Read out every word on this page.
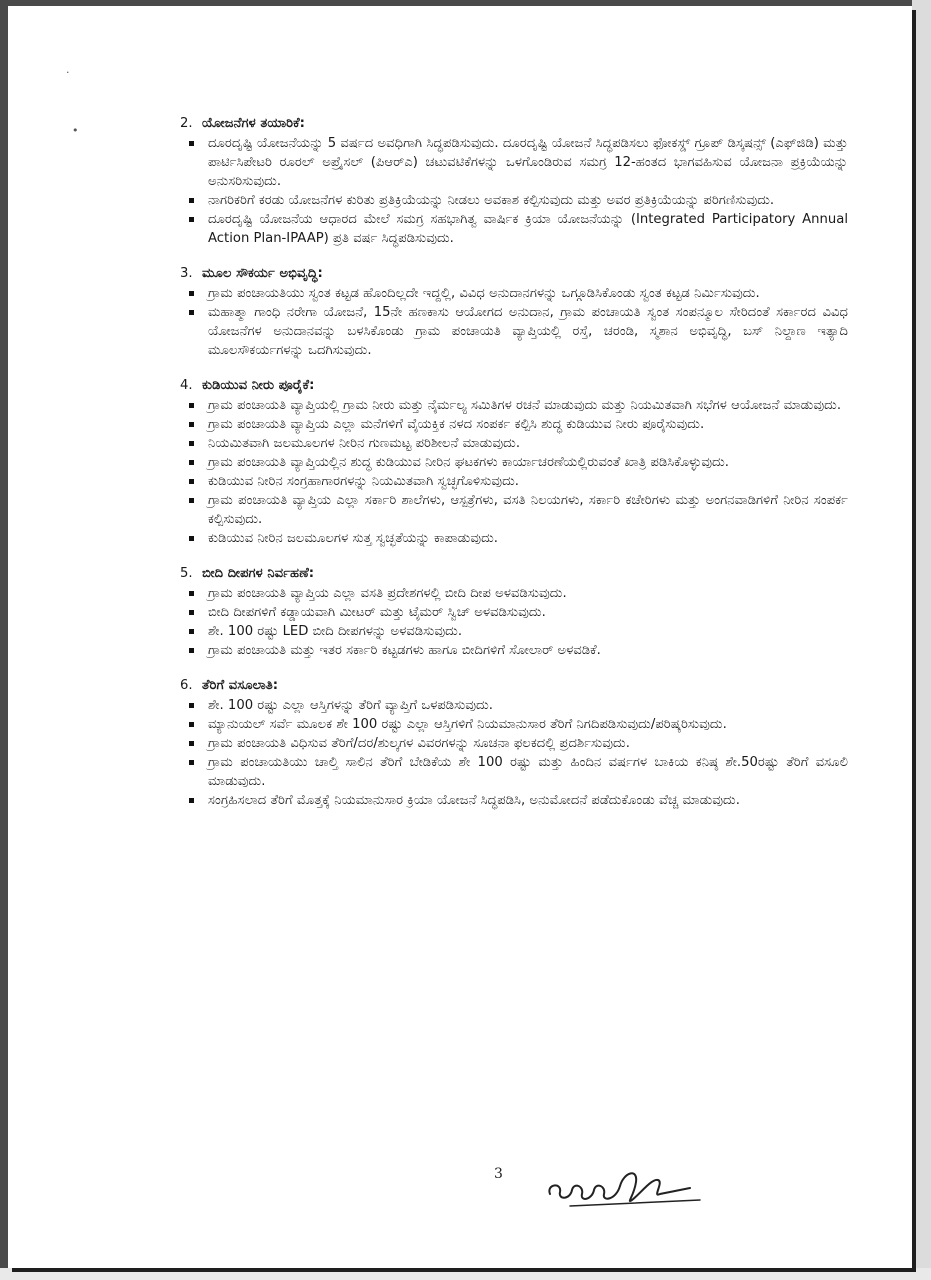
·
•	2. ಯೋಜನೆಗಳ ತಯಾರಿಕೆ:
ದೂರದೃಷ್ಟಿ ಯೋಜನೆಯನ್ನು 5 ವರ್ಷದ ಅವಧಿಗಾಗಿ ಸಿದ್ಧಪಡಿಸುವುದು. ದೂರದೃಷ್ಟಿ ಯೋಜನೆ ಸಿದ್ಧಪಡಿಸಲು ಫೋಕಸ್ಡ್ ಗ್ರೂಪ್ ಡಿಸ್ಕಷನ್ಸ್ (ಎಫ್‌ಜಿಡಿ) ಮತ್ತು ಪಾರ್ಟಿಸಿಪೇಟರಿ ರೂರಲ್ ಅಪ್ರೈಸಲ್ (ಪಿಆರ್‌ಎ) ಚಟುವಟಿಕೆಗಳನ್ನು ಒಳಗೊಂಡಿರುವ ಸಮಗ್ರ 12-ಹಂತದ ಭಾಗವಹಿಸುವ ಯೋಜನಾ ಪ್ರಕ್ರಿಯೆಯನ್ನು ಅನುಸರಿಸುವುದು.
ನಾಗರಿಕರಿಗೆ ಕರಡು ಯೋಜನೆಗಳ ಕುರಿತು ಪ್ರತಿಕ್ರಿಯೆಯನ್ನು ನೀಡಲು ಅವಕಾಶ ಕಲ್ಪಿಸುವುದು ಮತ್ತು ಅವರ ಪ್ರತಿಕ್ರಿಯೆಯನ್ನು ಪರಿಗಣಿಸುವುದು.
ದೂರದೃಷ್ಟಿ ಯೋಜನೆಯ ಆಧಾರದ ಮೇಲೆ ಸಮಗ್ರ ಸಹಭಾಗಿತ್ವ ವಾರ್ಷಿಕ ಕ್ರಿಯಾ ಯೋಜನೆಯನ್ನು (Integrated Participatory Annual Action Plan-IPAAP) ಪ್ರತಿ ವರ್ಷ ಸಿದ್ಧಪಡಿಸುವುದು.
3. ಮೂಲ ಸೌಕರ್ಯ ಅಭಿವೃದ್ಧಿ:
ಗ್ರಾಮ ಪಂಚಾಯತಿಯು ಸ್ವಂತ ಕಟ್ಟಡ ಹೊಂದಿಲ್ಲದೇ ಇದ್ದಲ್ಲಿ, ವಿವಿಧ ಅನುದಾನಗಳನ್ನು ಒಗ್ಗೂಡಿಸಿಕೊಂಡು ಸ್ವಂತ ಕಟ್ಟಡ ನಿರ್ಮಿಸುವುದು.
ಮಹಾತ್ಮಾ ಗಾಂಧಿ ನರೇಗಾ ಯೋಜನೆ, 15ನೇ ಹಣಕಾಸು ಆಯೋಗದ ಅನುದಾನ, ಗ್ರಾಮ ಪಂಚಾಯತಿ ಸ್ವಂತ ಸಂಪನ್ಮೂಲ ಸೇರಿದಂತೆ ಸರ್ಕಾರದ ವಿವಿಧ ಯೋಜನೆಗಳ ಅನುದಾನವನ್ನು ಬಳಸಿಕೊಂಡು ಗ್ರಾಮ ಪಂಚಾಯತಿ ವ್ಯಾಪ್ತಿಯಲ್ಲಿ ರಸ್ತೆ, ಚರಂಡಿ, ಸ್ಮಶಾನ ಅಭಿವೃದ್ಧಿ, ಬಸ್ ನಿಲ್ದಾಣ ಇತ್ಯಾದಿ ಮೂಲಸೌಕರ್ಯಗಳನ್ನು ಒದಗಿಸುವುದು.
4. ಕುಡಿಯುವ ನೀರು ಪೂರೈಕೆ:
ಗ್ರಾಮ ಪಂಚಾಯತಿ ವ್ಯಾಪ್ತಿಯಲ್ಲಿ ಗ್ರಾಮ ನೀರು ಮತ್ತು ನೈರ್ಮಲ್ಯ ಸಮಿತಿಗಳ ರಚನೆ ಮಾಡುವುದು ಮತ್ತು ನಿಯಮಿತವಾಗಿ ಸಭೆಗಳ ಆಯೋಜನೆ ಮಾಡುವುದು.
ಗ್ರಾಮ ಪಂಚಾಯತಿ ವ್ಯಾಪ್ತಿಯ ಎಲ್ಲಾ ಮನೆಗಳಿಗೆ ವೈಯಕ್ತಿಕ ನಳದ ಸಂಪರ್ಕ ಕಲ್ಪಿಸಿ ಶುದ್ಧ ಕುಡಿಯುವ ನೀರು ಪೂರೈಸುವುದು.
ನಿಯಮಿತವಾಗಿ ಜಲಮೂಲಗಳ ನೀರಿನ ಗುಣಮಟ್ಟ ಪರಿಶೀಲನೆ ಮಾಡುವುದು.
ಗ್ರಾಮ ಪಂಚಾಯತಿ ವ್ಯಾಪ್ತಿಯಲ್ಲಿನ ಶುದ್ಧ ಕುಡಿಯುವ ನೀರಿನ ಘಟಕಗಳು ಕಾರ್ಯಾಚರಣೆಯಲ್ಲಿರುವಂತೆ ಖಾತ್ರಿ ಪಡಿಸಿಕೊಳ್ಳುವುದು.
ಕುಡಿಯುವ ನೀರಿನ ಸಂಗ್ರಹಾಗಾರಗಳನ್ನು ನಿಯಮಿತವಾಗಿ ಸ್ವಚ್ಛಗೊಳಿಸುವುದು.
ಗ್ರಾಮ ಪಂಚಾಯತಿ ವ್ಯಾಪ್ತಿಯ ಎಲ್ಲಾ ಸರ್ಕಾರಿ ಶಾಲೆಗಳು, ಆಸ್ಪತ್ರೆಗಳು, ವಸತಿ ನಿಲಯಗಳು, ಸರ್ಕಾರಿ ಕಚೇರಿಗಳು ಮತ್ತು ಅಂಗನವಾಡಿಗಳಿಗೆ ನೀರಿನ ಸಂಪರ್ಕ ಕಲ್ಪಿಸುವುದು.
ಕುಡಿಯುವ ನೀರಿನ ಜಲಮೂಲಗಳ ಸುತ್ತ ಸ್ವಚ್ಛತೆಯನ್ನು ಕಾಪಾಡುವುದು.
5. ಬೀದಿ ದೀಪಗಳ ನಿರ್ವಹಣೆ:
ಗ್ರಾಮ ಪಂಚಾಯತಿ ವ್ಯಾಪ್ತಿಯ ಎಲ್ಲಾ ವಸತಿ ಪ್ರದೇಶಗಳಲ್ಲಿ ಬೀದಿ ದೀಪ ಅಳವಡಿಸುವುದು.
ಬೀದಿ ದೀಪಗಳಿಗೆ ಕಡ್ಡಾಯವಾಗಿ ಮೀಟರ್ ಮತ್ತು ಟೈಮರ್ ಸ್ವಿಚ್ ಅಳವಡಿಸುವುದು.
ಶೇ. 100 ರಷ್ಟು LED ಬೀದಿ ದೀಪಗಳನ್ನು ಅಳವಡಿಸುವುದು.
ಗ್ರಾಮ ಪಂಚಾಯತಿ ಮತ್ತು ಇತರ ಸರ್ಕಾರಿ ಕಟ್ಟಡಗಳು ಹಾಗೂ ಬೀದಿಗಳಿಗೆ ಸೋಲಾರ್ ಅಳವಡಿಕೆ.
6. ತೆರಿಗೆ ವಸೂಲಾತಿ:
ಶೇ. 100 ರಷ್ಟು ಎಲ್ಲಾ ಆಸ್ತಿಗಳನ್ನು ತೆರಿಗೆ ವ್ಯಾಪ್ತಿಗೆ ಒಳಪಡಿಸುವುದು.
ಮ್ಯಾನುಯಲ್ ಸರ್ವೆ ಮೂಲಕ ಶೇ 100 ರಷ್ಟು ಎಲ್ಲಾ ಆಸ್ತಿಗಳಿಗೆ ನಿಯಮಾನುಸಾರ ತೆರಿಗೆ ನಿಗದಿಪಡಿಸುವುದು/ಪರಿಷ್ಕರಿಸುವುದು.
ಗ್ರಾಮ ಪಂಚಾಯತಿ ವಿಧಿಸುವ ತೆರಿಗೆ/ದರ/ಶುಲ್ಕಗಳ ವಿವರಗಳನ್ನು ಸೂಚನಾ ಫಲಕದಲ್ಲಿ ಪ್ರದರ್ಶಿಸುವುದು.
ಗ್ರಾಮ ಪಂಚಾಯತಿಯು ಚಾಲ್ತಿ ಸಾಲಿನ ತೆರಿಗೆ ಬೇಡಿಕೆಯ ಶೇ 100 ರಷ್ಟು ಮತ್ತು ಹಿಂದಿನ ವರ್ಷಗಳ ಬಾಕಿಯ ಕನಿಷ್ಠ ಶೇ.50ರಷ್ಟು ತೆರಿಗೆ ವಸೂಲಿ ಮಾಡುವುದು.
ಸಂಗ್ರಹಿಸಲಾದ ತೆರಿಗೆ ಮೊತ್ತಕ್ಕೆ ನಿಯಮಾನುಸಾರ ಕ್ರಿಯಾ ಯೋಜನೆ ಸಿದ್ಧಪಡಿಸಿ, ಅನುಮೋದನೆ ಪಡೆದುಕೊಂಡು ವೆಚ್ಚ ಮಾಡುವುದು.
3
